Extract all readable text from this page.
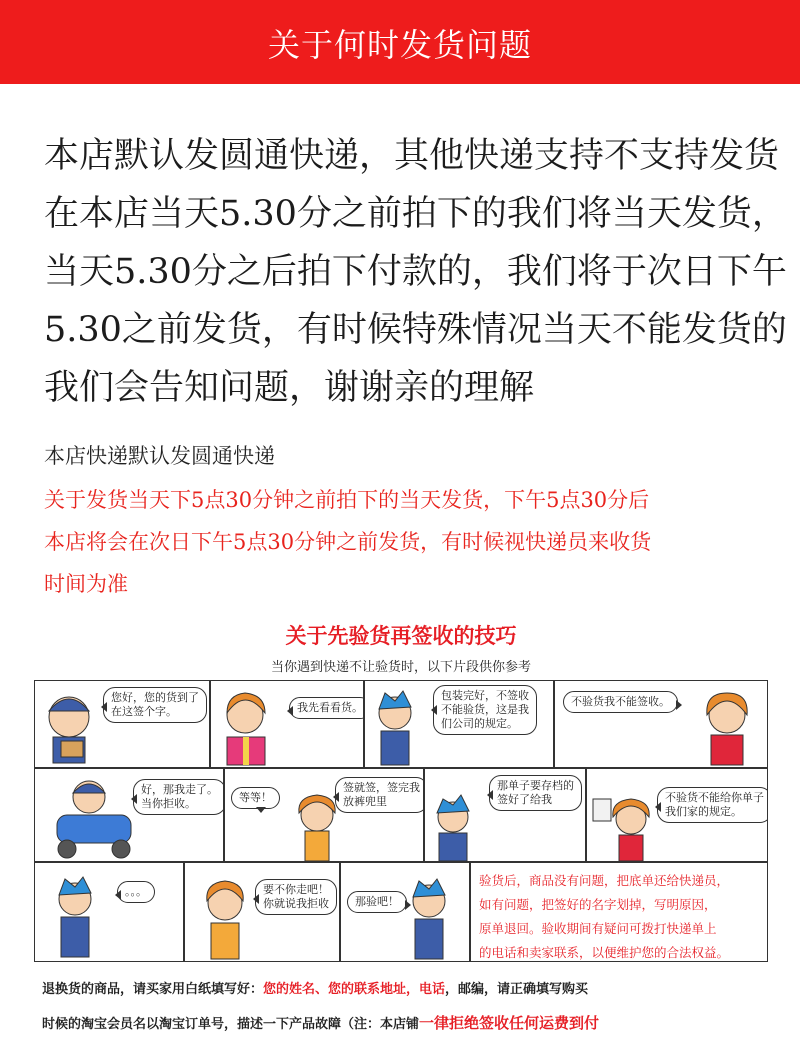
关于何时发货问题
本店默认发圆通快递，其他快递支持不支持发货
在本店当天5.30分之前拍下的我们将当天发货，
当天5.30分之后拍下付款的，我们将于次日下午
5.30之前发货，有时候特殊情况当天不能发货的
我们会告知问题，谢谢亲的理解
本店快递默认发圆通快递
关于发货当天下5点30分钟之前拍下的当天发货，下午5点30分后
本店将会在次日下午5点30分钟之前发货，有时候视快递员来收货
时间为准
关于先验货再签收的技巧
当你遇到快递不让验货时，以下片段供你参考
您好，您的货到了
在这签个字。	我先看看货。
包装完好，不签收
不能验货，这是我
们公司的规定。
不验货我不能签收。
好，那我走了。
当你拒收。	等等！
签就签，签完我
放裤兜里
那单子要存档的
签好了给我	不验货不能给你单子
我们家的规定。
。。。	要不你走吧！
你就说我拒收	那验吧！
验货后，商品没有问题，把底单还给快递员，
如有问题，把签好的名字划掉，写明原因，
原单退回。验收期间有疑问可拨打快递单上
的电话和卖家联系，以便维护您的合法权益。
退换货的商品，请买家用白纸填写好：您的姓名、您的联系地址，电话，邮编，请正确填写购买
时候的淘宝会员名以淘宝订单号，描述一下产品故障（注：本店铺一律拒绝签收任何运费到付
